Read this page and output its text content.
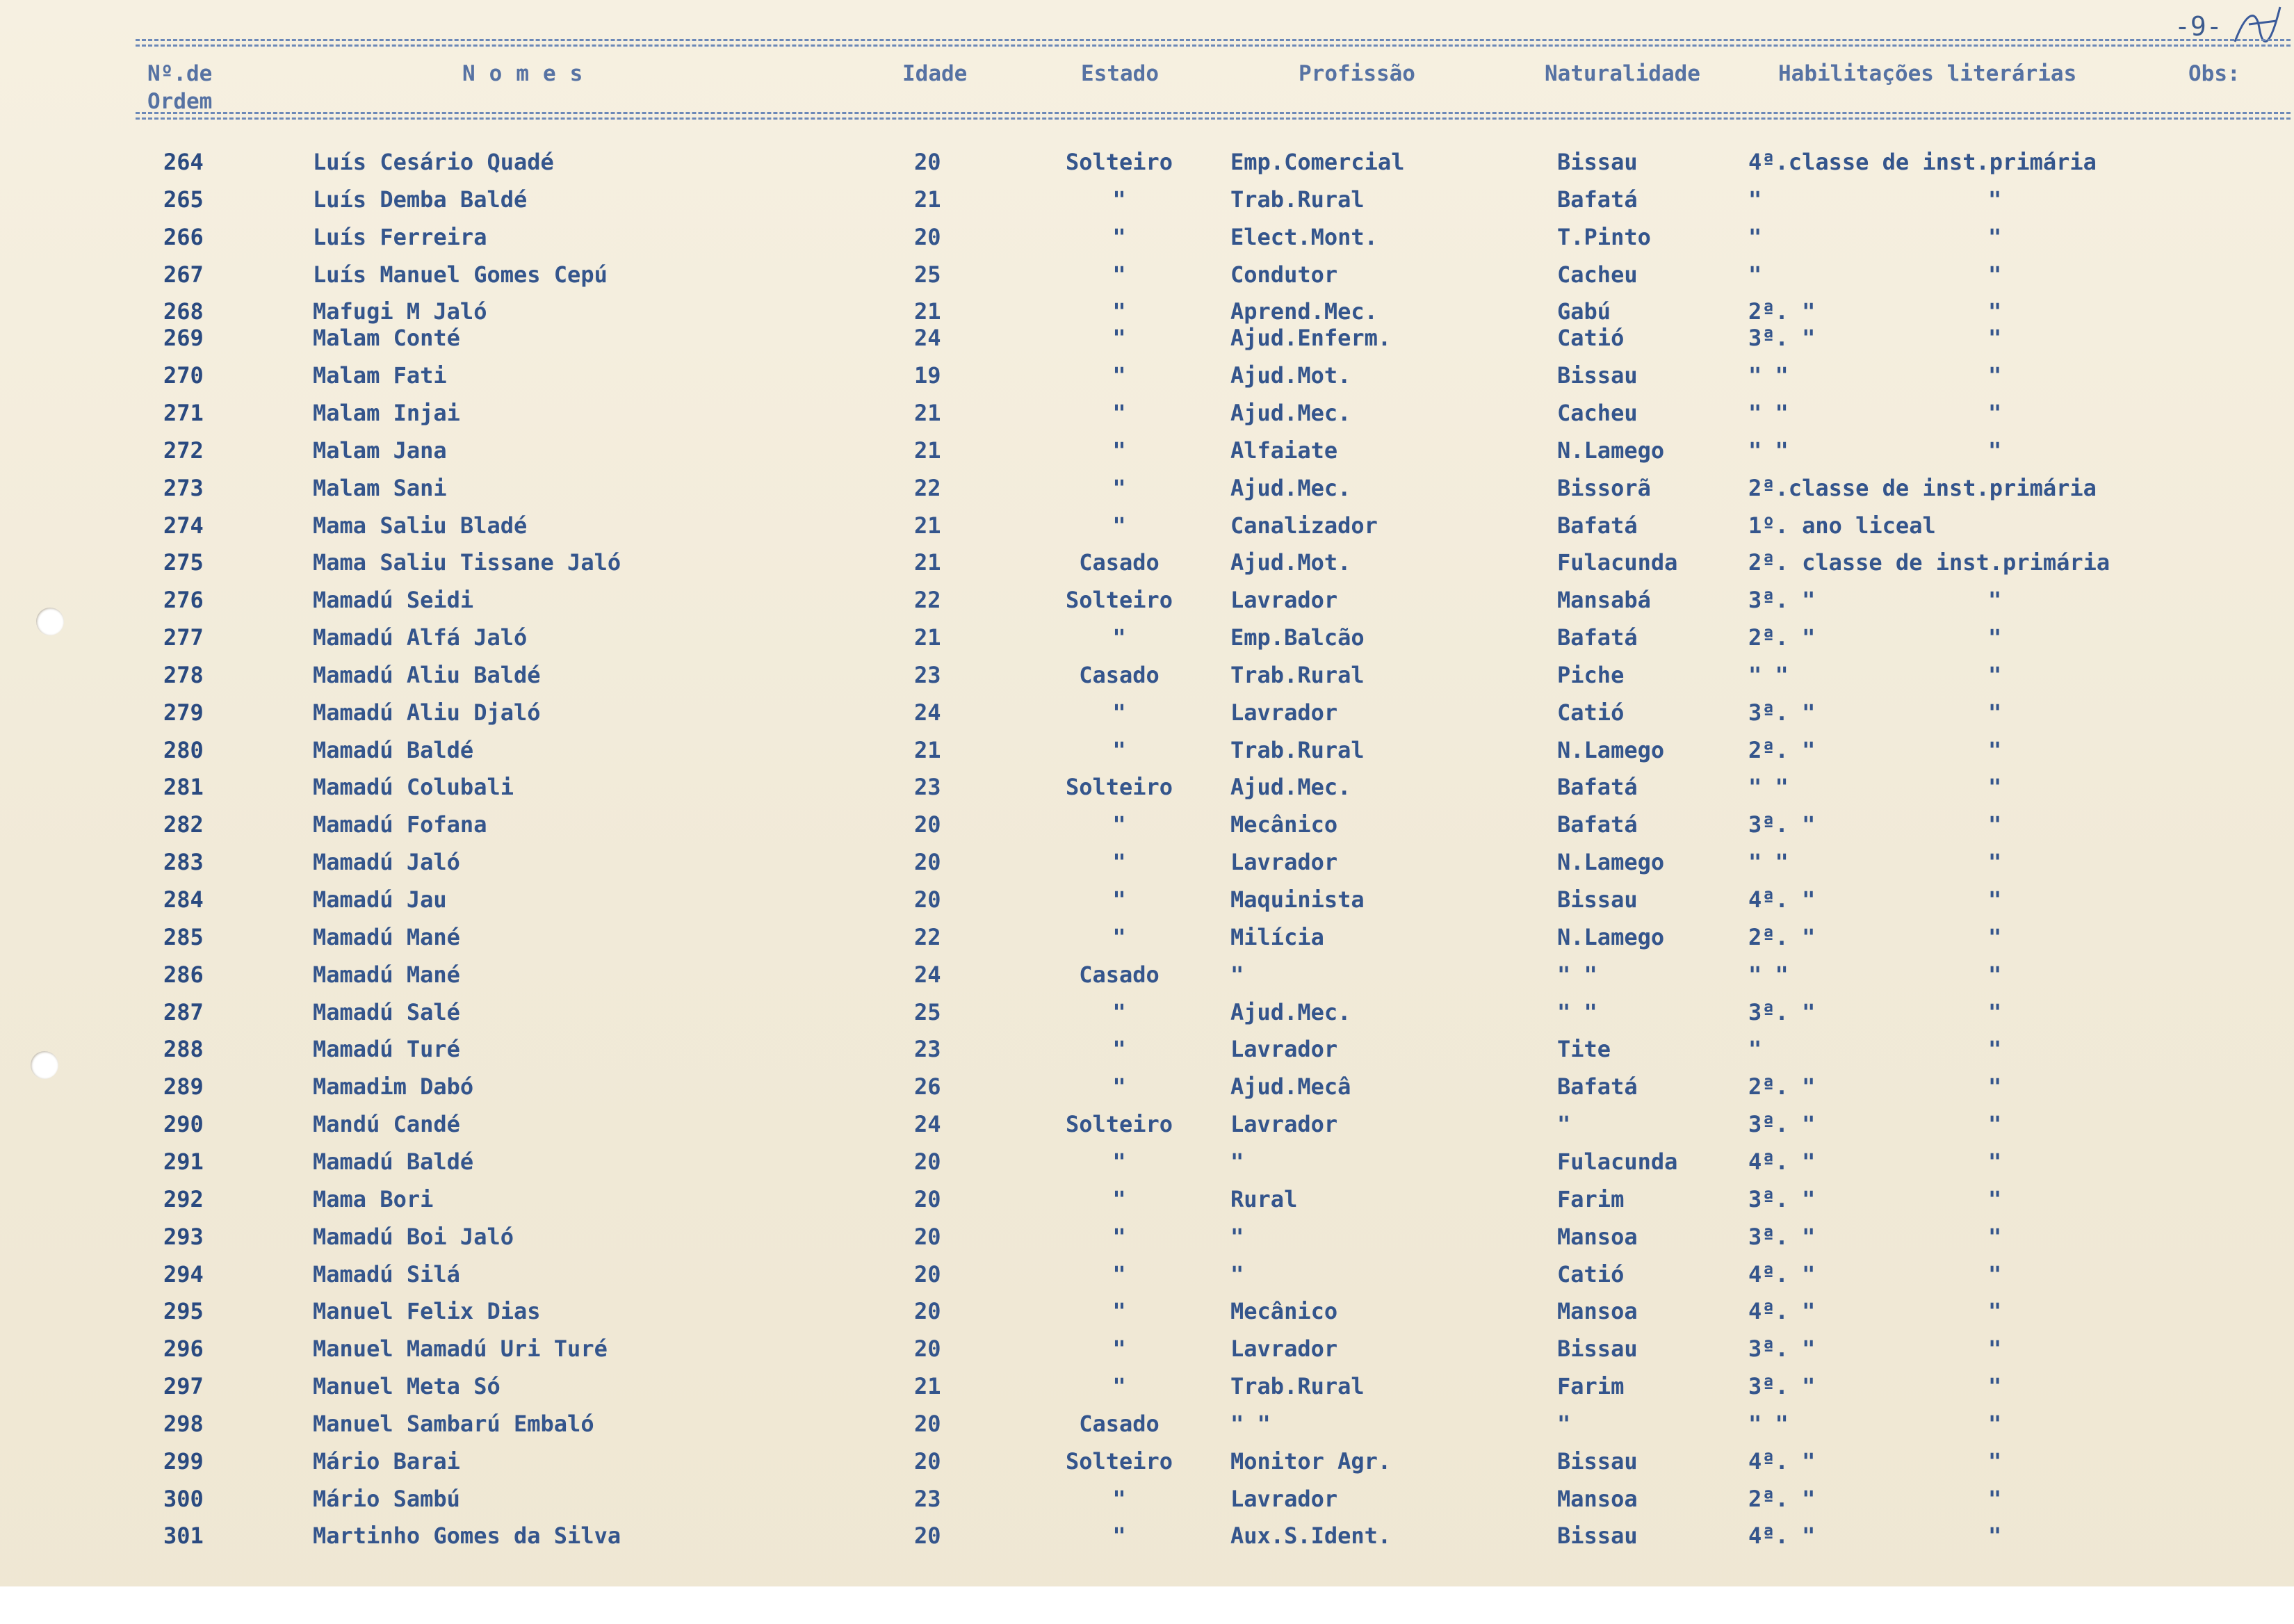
-9-
Nº.de
Ordem
Nomes	Idade	Estado	Profissão	Naturalidade	Habilitações literárias	Obs:
264	Luís Cesário Quadé	20	Solteiro	Emp.Comercial	Bissau	4ª.classe de inst.primária
265	Luís Demba Baldé	21	"	Trab.Rural	Bafatá	"	"
266	Luís Ferreira	20	"	Elect.Mont.	T.Pinto	"	"
267	Luís Manuel Gomes Cepú	25	"	Condutor	Cacheu	"	"
268	Mafugi M Jaló	21	"	Aprend.Mec.	Gabú	2ª. "	"
269	Malam Conté	24	"	Ajud.Enferm.	Catió	3ª. "	"
270	Malam Fati	19	"	Ajud.Mot.	Bissau	" "	"
271	Malam Injai	21	"	Ajud.Mec.	Cacheu	" "	"
272	Malam Jana	21	"	Alfaiate	N.Lamego	" "	"
273	Malam Sani	22	"	Ajud.Mec.	Bissorã	2ª.classe de inst.primária
274	Mama Saliu Bladé	21	"	Canalizador	Bafatá	1º. ano liceal
275	Mama Saliu Tissane Jaló	21	Casado	Ajud.Mot.	Fulacunda	2ª. classe de inst.primária
276	Mamadú Seidi	22	Solteiro	Lavrador	Mansabá	3ª. "	"
277	Mamadú Alfá Jaló	21	"	Emp.Balcão	Bafatá	2ª. "	"
278	Mamadú Aliu Baldé	23	Casado	Trab.Rural	Piche	" "	"
279	Mamadú Aliu Djaló	24	"	Lavrador	Catió	3ª. "	"
280	Mamadú Baldé	21	"	Trab.Rural	N.Lamego	2ª. "	"
281	Mamadú Colubali	23	Solteiro	Ajud.Mec.	Bafatá	" "	"
282	Mamadú Fofana	20	"	Mecânico	Bafatá	3ª. "	"
283	Mamadú Jaló	20	"	Lavrador	N.Lamego	" "	"
284	Mamadú Jau	20	"	Maquinista	Bissau	4ª. "	"
285	Mamadú Mané	22	"	Milícia	N.Lamego	2ª. "	"
286	Mamadú Mané	24	Casado	"	" "	" "	"
287	Mamadú Salé	25	"	Ajud.Mec.	" "	3ª. "	"
288	Mamadú Turé	23	"	Lavrador	Tite	"	"
289	Mamadim Dabó	26	"	Ajud.Mecâ	Bafatá	2ª. "	"
290	Mandú Candé	24	Solteiro	Lavrador	"	3ª. "	"
291	Mamadú Baldé	20	"	"	Fulacunda	4ª. "	"
292	Mama Bori	20	"	Rural	Farim	3ª. "	"
293	Mamadú Boi Jaló	20	"	"	Mansoa	3ª. "	"
294	Mamadú Silá	20	"	"	Catió	4ª. "	"
295	Manuel Felix Dias	20	"	Mecânico	Mansoa	4ª. "	"
296	Manuel Mamadú Uri Turé	20	"	Lavrador	Bissau	3ª. "	"
297	Manuel Meta Só	21	"	Trab.Rural	Farim	3ª. "	"
298	Manuel Sambarú Embaló	20	Casado	" "	"	" "	"
299	Mário Barai	20	Solteiro	Monitor Agr.	Bissau	4ª. "	"
300	Mário Sambú	23	"	Lavrador	Mansoa	2ª. "	"
301	Martinho Gomes da Silva	20	"	Aux.S.Ident.	Bissau	4ª. "	"
